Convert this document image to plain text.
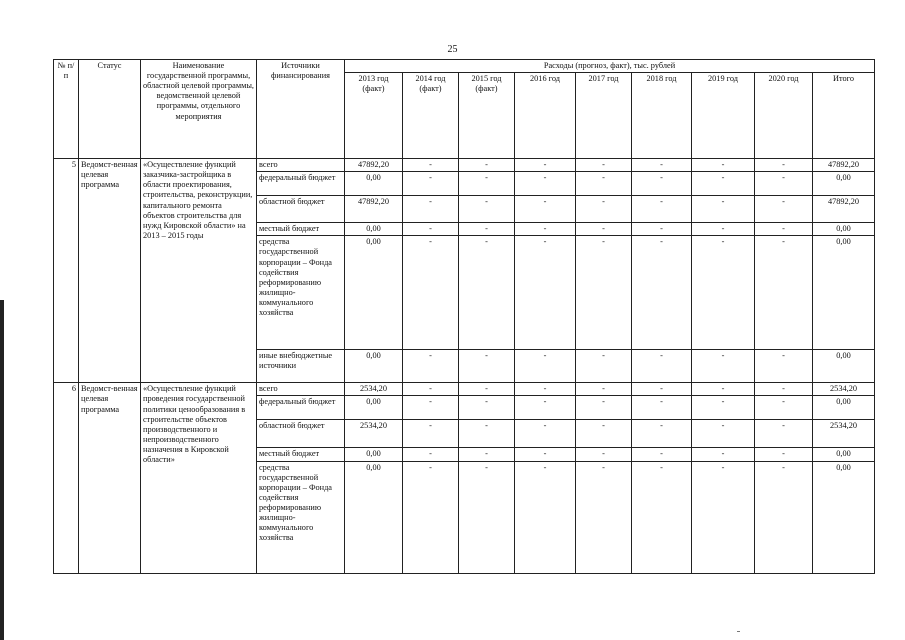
25
№ п/п	Статус	Наименование государственной программы, областной целевой программы, ведомственной целевой программы, отдельного мероприятия	Источники финансирования	Расходы (прогноз, факт), тыс. рублей								
				2013 год (факт)	2014 год (факт)	2015 год (факт)	2016 год	2017 год	2018 год	2019 год	2020 год	Итого
5	Ведомст-венная целевая программа	«Осуществление функций заказчика-застройщика в области проектирования, строительства, реконструкции, капитального ремонта объектов строительства для нужд Кировской области» на 2013 – 2015 годы	всего	47892,20	-	-	-	-	-	-	-	47892,20
			федеральный бюджет	0,00	-	-	-	-	-	-	-	0,00
			областной бюджет	47892,20	-	-	-	-	-	-	-	47892,20
			местный бюджет	0,00	-	-	-	-	-	-	-	0,00
			средства государственной корпорации – Фонда содействия реформированию жилищно-коммунального хозяйства	0,00	-	-	-	-	-	-	-	0,00
			иные внебюджетные источники	0,00	-	-	-	-	-	-	-	0,00
6	Ведомст-венная целевая программа	«Осуществление функций проведения государственной политики ценообразования в строительстве объектов производственного и непроизводственного назначения в Кировской области»	всего	2534,20	-	-	-	-	-	-	-	2534,20
			федеральный бюджет	0,00	-	-	-	-	-	-	-	0,00
			областной бюджет	2534,20	-	-	-	-	-	-	-	2534,20
			местный бюджет	0,00	-	-	-	-	-	-	-	0,00
			средства государственной корпорации – Фонда содействия реформированию жилищно-коммунального хозяйства	0,00	-	-	-	-	-	-	-	0,00
